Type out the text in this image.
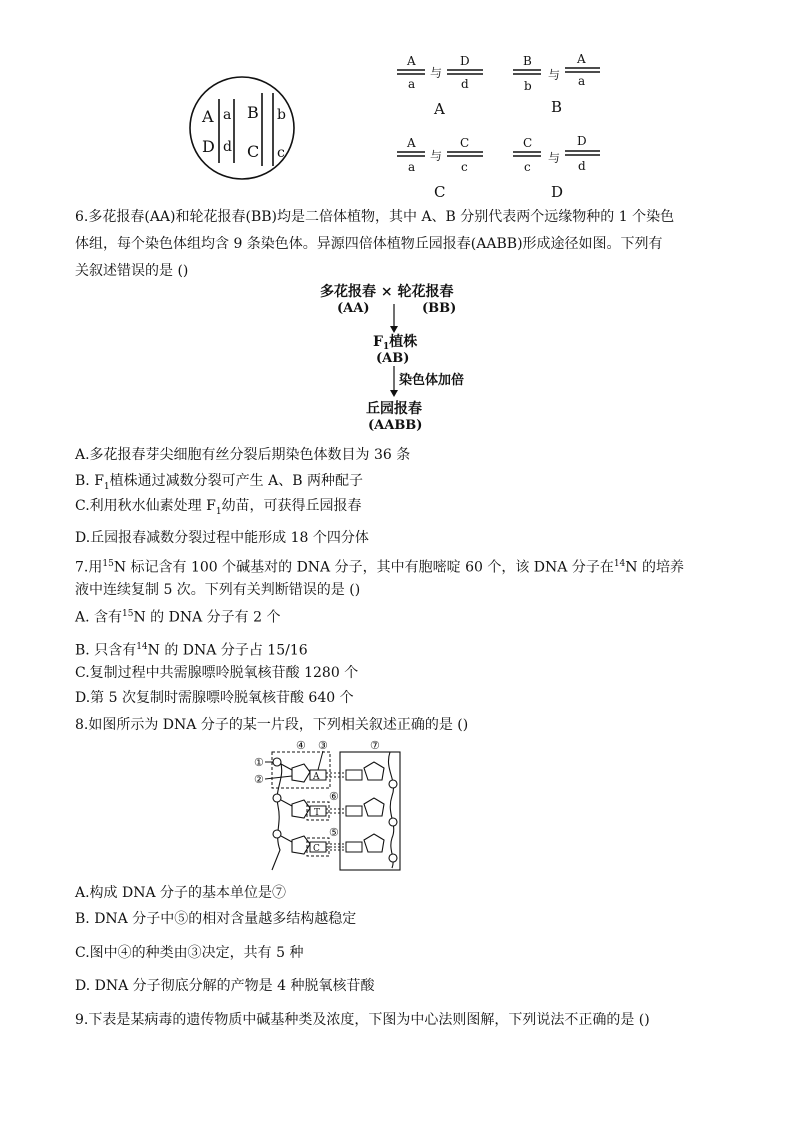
A
D
a
d
B
C
b
c
A
a
与
D
d
A
B
b
与
A
a
B
A
a
与
C
c
C
C
c
与
D
d
D
6.多花报春(AA)和轮花报春(BB)均是二倍体植物，其中 A、B 分别代表两个远缘物种的 1 个染色
体组，每个染色体组均含 9 条染色体。异源四倍体植物丘园报春(AABB)形成途径如图。下列有
关叙述错误的是 ()
多花报春 × 轮花报春
(AA)	(BB)
$F_1$植株
(AB)
染色体加倍
丘园报春
(AABB)
A.多花报春芽尖细胞有丝分裂后期染色体数目为 36 条
B. $F_1$植株通过减数分裂可产生 A、B 两种配子
C.利用秋水仙素处理 $F_1$幼苗，可获得丘园报春
D.丘园报春减数分裂过程中能形成 18 个四分体
7.用$^{15}$N 标记含有 100 个碱基对的 DNA 分子，其中有胞嘧啶 60 个，该 DNA 分子在$^{14}$N 的培养
液中连续复制 5 次。下列有关判断错误的是 ()
A. 含有$^{15}$N 的 DNA 分子有 2 个
B. 只含有$^{14}$N 的 DNA 分子占 15/16
C.复制过程中共需腺嘌呤脱氧核苷酸 1280 个
D.第 5 次复制时需腺嘌呤脱氧核苷酸 640 个
8.如图所示为 DNA 分子的某一片段，下列相关叙述正确的是 ()
A
T
C
①
②
④ ③
⑥
⑤
⑦
A.构成 DNA 分子的基本单位是⑦
B. DNA 分子中⑤的相对含量越多结构越稳定
C.图中④的种类由③决定，共有 5 种
D. DNA 分子彻底分解的产物是 4 种脱氧核苷酸
9.下表是某病毒的遗传物质中碱基种类及浓度，下图为中心法则图解，下列说法不正确的是 ()
